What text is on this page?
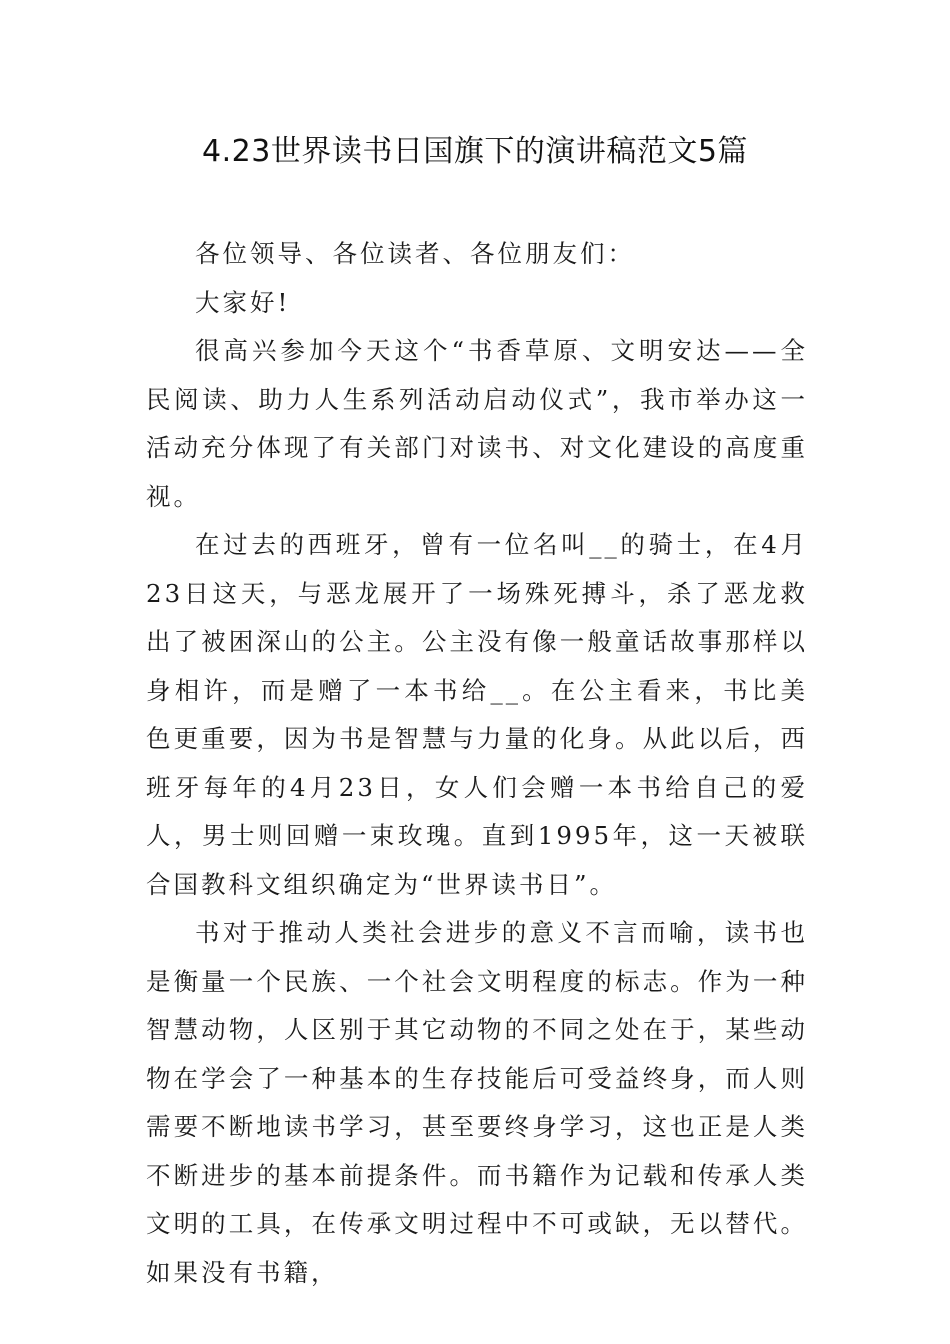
4.23世界读书日国旗下的演讲稿范文5篇

各位领导、各位读者、各位朋友们：

大家好!

很高兴参加今天这个“书香草原、文明安达——全民阅读、助力人生系列活动启动仪式”，我市举办这一活动充分体现了有关部门对读书、对文化建设的高度重视。

在过去的西班牙，曾有一位名叫__的骑士，在4月23日这天，与恶龙展开了一场殊死搏斗，杀了恶龙救出了被困深山的公主。公主没有像一般童话故事那样以身相许，而是赠了一本书给__。在公主看来，书比美色更重要，因为书是智慧与力量的化身。从此以后，西班牙每年的4月23日，女人们会赠一本书给自己的爱人，男士则回赠一束玫瑰。直到1995年，这一天被联合国教科文组织确定为“世界读书日”。

书对于推动人类社会进步的意义不言而喻，读书也是衡量一个民族、一个社会文明程度的标志。作为一种智慧动物，人区别于其它动物的不同之处在于，某些动物在学会了一种基本的生存技能后可受益终身，而人则需要不断地读书学习，甚至要终身学习，这也正是人类不断进步的基本前提条件。而书籍作为记载和传承人类文明的工具，在传承文明过程中不可或缺，无以替代。如果没有书籍，
